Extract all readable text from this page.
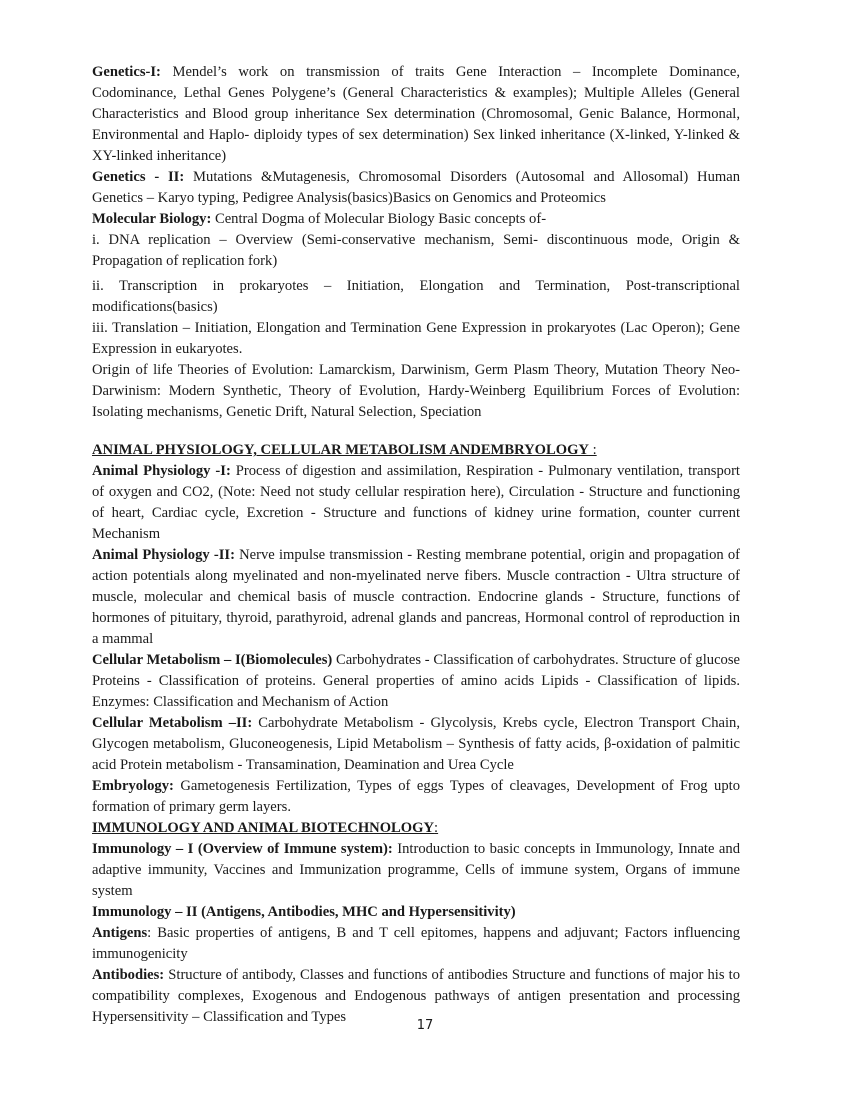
Genetics-I: Mendel’s work on transmission of traits Gene Interaction – Incomplete Dominance, Codominance, Lethal Genes Polygene’s (General Characteristics & examples); Multiple Alleles (General Characteristics and Blood group inheritance Sex determination (Chromosomal, Genic Balance, Hormonal, Environmental and Haplo- diploidy types of sex determination) Sex linked inheritance (X-linked, Y-linked & XY-linked inheritance)

Genetics - II: Mutations &Mutagenesis, Chromosomal Disorders (Autosomal and Allosomal) Human Genetics – Karyo typing, Pedigree Analysis(basics)Basics on Genomics and Proteomics

Molecular Biology: Central Dogma of Molecular Biology Basic concepts of-

i. DNA replication – Overview (Semi-conservative mechanism, Semi- discontinuous mode, Origin & Propagation of replication fork)

ii. Transcription in prokaryotes – Initiation, Elongation and Termination, Post-transcriptional modifications(basics)

iii. Translation – Initiation, Elongation and Termination Gene Expression in prokaryotes (Lac Operon); Gene Expression in eukaryotes.

Origin of life Theories of Evolution: Lamarckism, Darwinism, Germ Plasm Theory, Mutation Theory Neo- Darwinism: Modern Synthetic, Theory of Evolution, Hardy-Weinberg Equilibrium Forces of Evolution: Isolating mechanisms, Genetic Drift, Natural Selection, Speciation

ANIMAL PHYSIOLOGY, CELLULAR METABOLISM ANDEMBRYOLOGY :

Animal Physiology -I: Process of digestion and assimilation, Respiration - Pulmonary ventilation, transport of oxygen and CO2, (Note: Need not study cellular respiration here), Circulation - Structure and functioning of heart, Cardiac cycle, Excretion - Structure and functions of kidney urine formation, counter current Mechanism

Animal Physiology -II: Nerve impulse transmission - Resting membrane potential, origin and propagation of action potentials along myelinated and non-myelinated nerve fibers. Muscle contraction - Ultra structure of muscle, molecular and chemical basis of muscle contraction. Endocrine glands - Structure, functions of hormones of pituitary, thyroid, parathyroid, adrenal glands and pancreas, Hormonal control of reproduction in a mammal

Cellular Metabolism – I(Biomolecules) Carbohydrates - Classification of carbohydrates. Structure of glucose Proteins - Classification of proteins. General properties of amino acids Lipids - Classification of lipids. Enzymes: Classification and Mechanism of Action

Cellular Metabolism –II: Carbohydrate Metabolism - Glycolysis, Krebs cycle, Electron Transport Chain, Glycogen metabolism, Gluconeogenesis, Lipid Metabolism – Synthesis of fatty acids, β-oxidation of palmitic acid Protein metabolism - Transamination, Deamination and Urea Cycle

Embryology: Gametogenesis Fertilization, Types of eggs Types of cleavages, Development of Frog upto formation of primary germ layers.

IMMUNOLOGY AND ANIMAL BIOTECHNOLOGY:

Immunology – I (Overview of Immune system): Introduction to basic concepts in Immunology, Innate and adaptive immunity, Vaccines and Immunization programme, Cells of immune system, Organs of immune system

Immunology – II (Antigens, Antibodies, MHC and Hypersensitivity)

Antigens: Basic properties of antigens, B and T cell epitomes, happens and adjuvant; Factors influencing immunogenicity

Antibodies: Structure of antibody, Classes and functions of antibodies Structure and functions of major his to compatibility complexes, Exogenous and Endogenous pathways of antigen presentation and processing Hypersensitivity – Classification and Types

17
